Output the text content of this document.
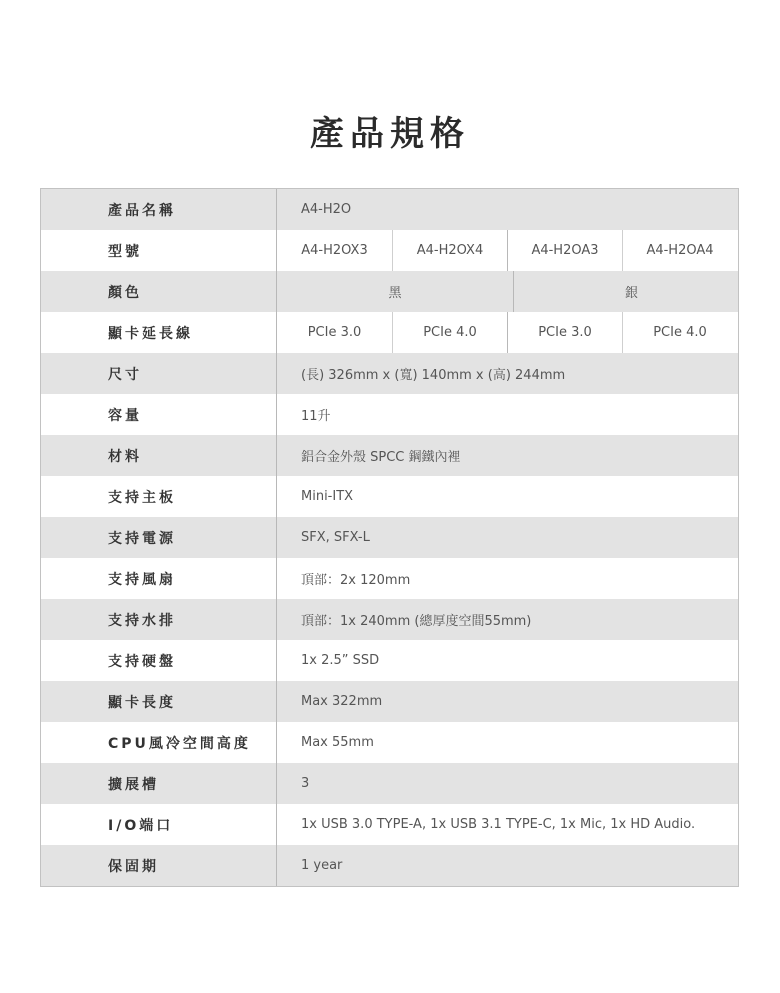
產品規格
產品名稱	A4-H2O
型號	A4-H2OX3	A4-H2OX4	A4-H2OA3	A4-H2OA4
顏色	黑	銀
顯卡延長線	PCIe 3.0	PCIe 4.0	PCIe 3.0	PCIe 4.0
尺寸	(長) 326mm x (寬) 140mm x (高) 244mm
容量	11升
材料	鋁合金外殼 SPCC 鋼鐵內裡
支持主板	Mini-ITX
支持電源	SFX, SFX-L
支持風扇	頂部：2x 120mm
支持水排	頂部：1x 240mm (總厚度空間55mm)
支持硬盤	1x 2.5” SSD
顯卡長度	Max 322mm
CPU風冷空間高度	Max 55mm
擴展槽	3
I/O端口	1x USB 3.0 TYPE-A, 1x USB 3.1 TYPE-C, 1x Mic, 1x HD Audio.
保固期	1 year
